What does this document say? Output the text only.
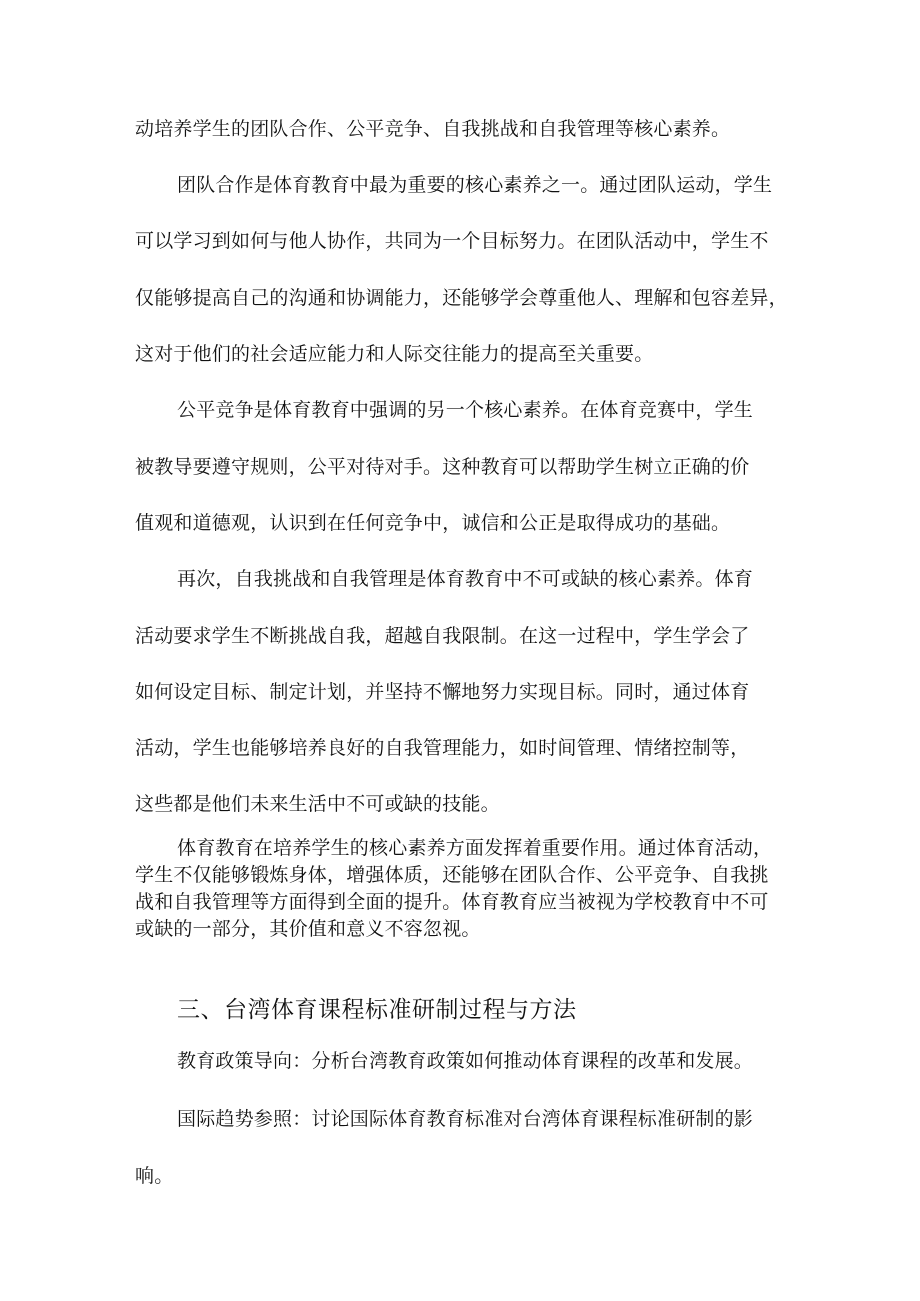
动培养学生的团队合作、公平竞争、自我挑战和自我管理等核心素养。
团队合作是体育教育中最为重要的核心素养之一。通过团队运动，学生
可以学习到如何与他人协作，共同为一个目标努力。在团队活动中，学生不
仅能够提高自己的沟通和协调能力，还能够学会尊重他人、理解和包容差异，
这对于他们的社会适应能力和人际交往能力的提高至关重要。
公平竞争是体育教育中强调的另一个核心素养。在体育竞赛中，学生
被教导要遵守规则，公平对待对手。这种教育可以帮助学生树立正确的价
值观和道德观，认识到在任何竞争中，诚信和公正是取得成功的基础。
再次，自我挑战和自我管理是体育教育中不可或缺的核心素养。体育
活动要求学生不断挑战自我，超越自我限制。在这一过程中，学生学会了
如何设定目标、制定计划，并坚持不懈地努力实现目标。同时，通过体育
活动，学生也能够培养良好的自我管理能力，如时间管理、情绪控制等，
这些都是他们未来生活中不可或缺的技能。
体育教育在培养学生的核心素养方面发挥着重要作用。通过体育活动，
学生不仅能够锻炼身体，增强体质，还能够在团队合作、公平竞争、自我挑
战和自我管理等方面得到全面的提升。体育教育应当被视为学校教育中不可
或缺的一部分，其价值和意义不容忽视。
三、台湾体育课程标准研制过程与方法
教育政策导向：分析台湾教育政策如何推动体育课程的改革和发展。
国际趋势参照：讨论国际体育教育标准对台湾体育课程标准研制的影
响。
